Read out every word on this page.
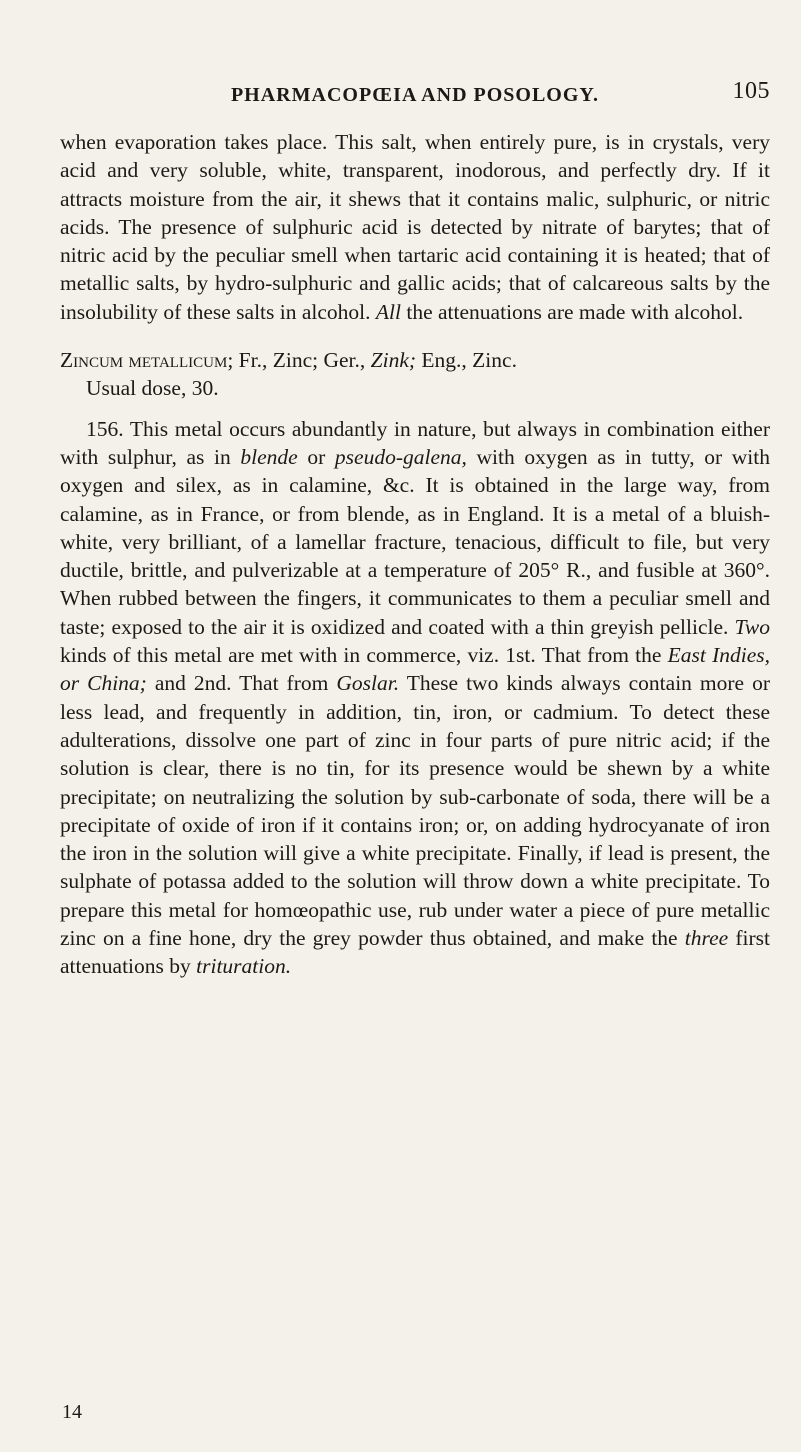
PHARMACOPŒIA AND POSOLOGY.	105

when evaporation takes place. This salt, when entirely pure, is in crystals, very acid and very soluble, white, transparent, inodorous, and perfectly dry. If it attracts moisture from the air, it shews that it contains malic, sulphuric, or nitric acids. The presence of sulphuric acid is detected by nitrate of barytes; that of nitric acid by the peculiar smell when tartaric acid containing it is heated; that of metallic salts, by hydro-sulphuric and gallic acids; that of calcareous salts by the insolubility of these salts in alcohol. All the attenuations are made with alcohol.

Zincum metallicum; Fr., Zinc; Ger., Zink; Eng., Zinc.

Usual dose, 30.

156. This metal occurs abundantly in nature, but always in combination either with sulphur, as in blende or pseudo-galena, with oxygen as in tutty, or with oxygen and silex, as in calamine, &c. It is obtained in the large way, from calamine, as in France, or from blende, as in England. It is a metal of a bluish-white, very brilliant, of a lamellar fracture, tenacious, difficult to file, but very ductile, brittle, and pulverizable at a temperature of 205° R., and fusible at 360°. When rubbed between the fingers, it communicates to them a peculiar smell and taste; exposed to the air it is oxidized and coated with a thin greyish pellicle. Two kinds of this metal are met with in commerce, viz. 1st. That from the East Indies, or China; and 2nd. That from Goslar. These two kinds always contain more or less lead, and frequently in addition, tin, iron, or cadmium. To detect these adulterations, dissolve one part of zinc in four parts of pure nitric acid; if the solution is clear, there is no tin, for its presence would be shewn by a white precipitate; on neutralizing the solution by sub-carbonate of soda, there will be a precipitate of oxide of iron if it contains iron; or, on adding hydrocyanate of iron the iron in the solution will give a white precipitate. Finally, if lead is present, the sulphate of potassa added to the solution will throw down a white precipitate. To prepare this metal for homœopathic use, rub under water a piece of pure metallic zinc on a fine hone, dry the grey powder thus obtained, and make the three first attenuations by trituration.

14
